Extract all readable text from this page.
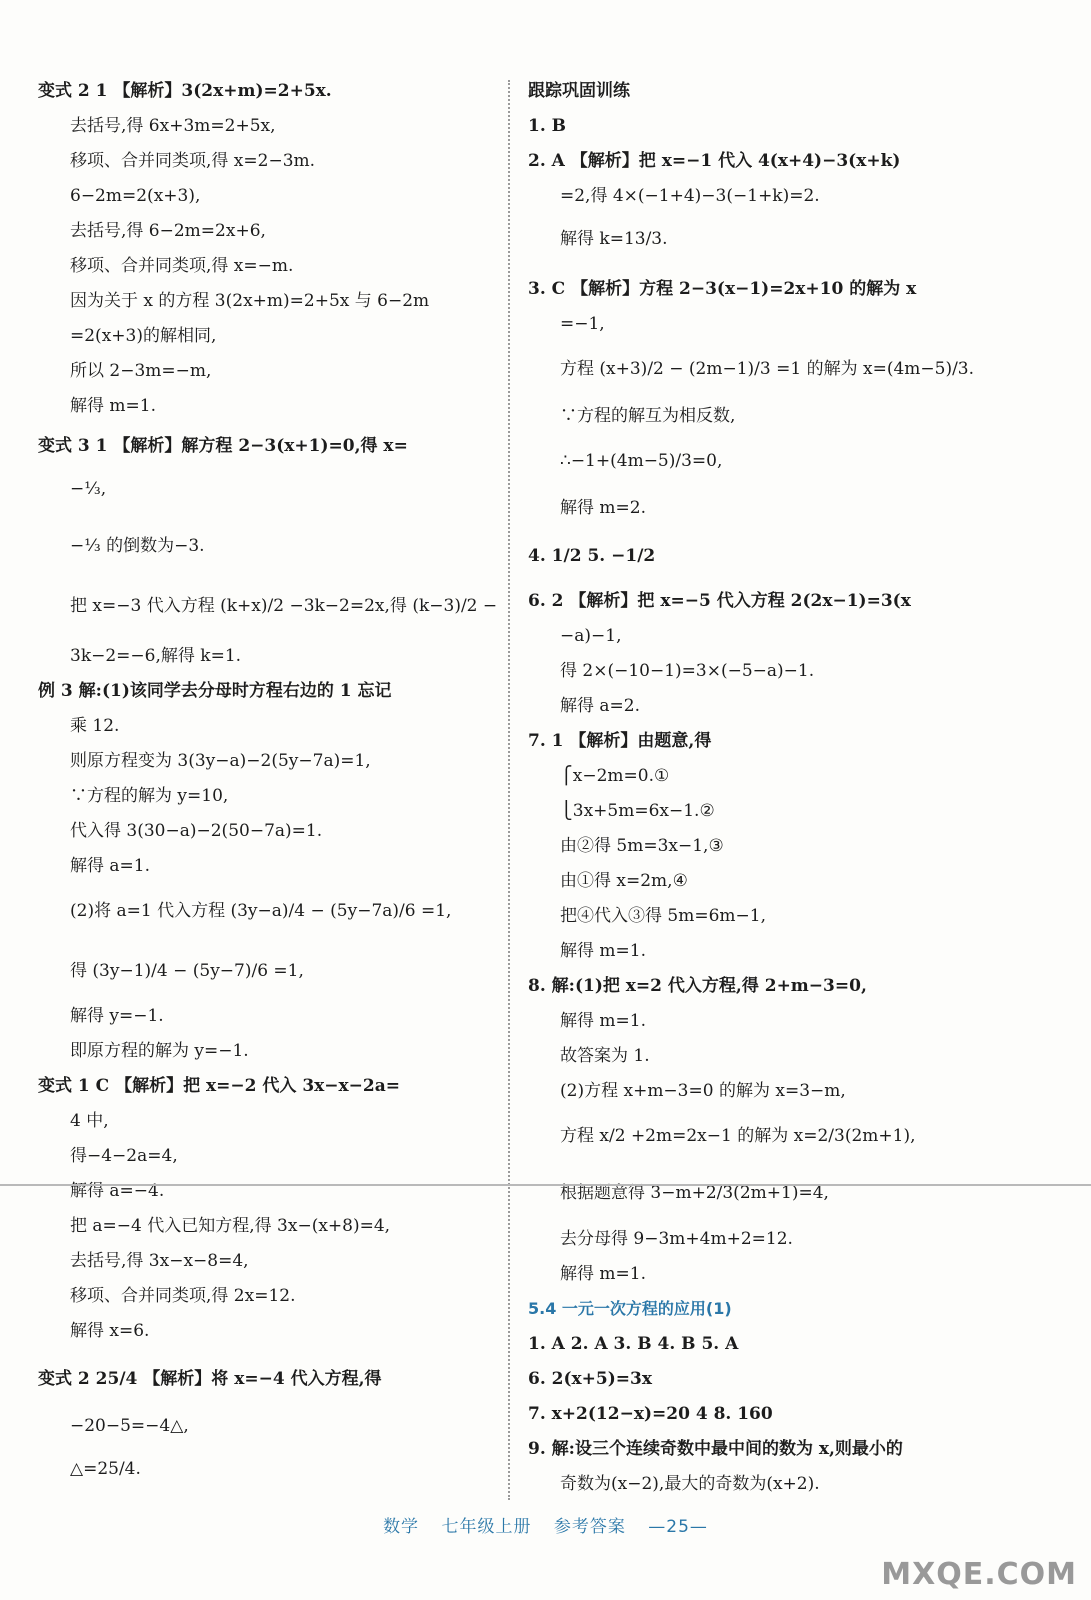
变式 2 1 【解析】3(2x+m)=2+5x.
去括号,得 6x+3m=2+5x,
移项、合并同类项,得 x=2−3m.
6−2m=2(x+3),
去括号,得 6−2m=2x+6,
移项、合并同类项,得 x=−m.
因为关于 x 的方程 3(2x+m)=2+5x 与 6−2m
=2(x+3)的解相同,
所以 2−3m=−m,
解得 m=1.
变式 3 1 【解析】解方程 2−3(x+1)=0,得 x=
−⅓,
−⅓ 的倒数为−3.
把 x=−3 代入方程 (k+x)/2 −3k−2=2x,得 (k−3)/2 −
3k−2=−6,解得 k=1.
例 3 解:(1)该同学去分母时方程右边的 1 忘记
乘 12.
则原方程变为 3(3y−a)−2(5y−7a)=1,
∵方程的解为 y=10,
代入得 3(30−a)−2(50−7a)=1.
解得 a=1.
(2)将 a=1 代入方程 (3y−a)/4 − (5y−7a)/6 =1,
得 (3y−1)/4 − (5y−7)/6 =1,
解得 y=−1.
即原方程的解为 y=−1.
变式 1 C 【解析】把 x=−2 代入 3x−x−2a=
4 中,
得−4−2a=4,
解得 a=−4.
把 a=−4 代入已知方程,得 3x−(x+8)=4,
去括号,得 3x−x−8=4,
移项、合并同类项,得 2x=12.
解得 x=6.
变式 2 25/4 【解析】将 x=−4 代入方程,得
−20−5=−4△,
△=25/4.
跟踪巩固训练
1. B
2. A 【解析】把 x=−1 代入 4(x+4)−3(x+k)
=2,得 4×(−1+4)−3(−1+k)=2.
解得 k=13/3.
3. C 【解析】方程 2−3(x−1)=2x+10 的解为 x
=−1,
方程 (x+3)/2 − (2m−1)/3 =1 的解为 x=(4m−5)/3.
∵方程的解互为相反数,
∴−1+(4m−5)/3=0,
解得 m=2.
4. 1/2 5. −1/2
6. 2 【解析】把 x=−5 代入方程 2(2x−1)=3(x
−a)−1,
得 2×(−10−1)=3×(−5−a)−1.
解得 a=2.
7. 1 【解析】由题意,得
⎧x−2m=0.①
⎩3x+5m=6x−1.②
由②得 5m=3x−1,③
由①得 x=2m,④
把④代入③得 5m=6m−1,
解得 m=1.
8. 解:(1)把 x=2 代入方程,得 2+m−3=0,
解得 m=1.
故答案为 1.
(2)方程 x+m−3=0 的解为 x=3−m,
方程 x/2 +2m=2x−1 的解为 x=2/3(2m+1),
根据题意得 3−m+2/3(2m+1)=4,
去分母得 9−3m+4m+2=12.
解得 m=1.
5.4 一元一次方程的应用(1)
1. A 2. A 3. B 4. B 5. A
6. 2(x+5)=3x
7. x+2(12−x)=20 4 8. 160
9. 解:设三个连续奇数中最中间的数为 x,则最小的
奇数为(x−2),最大的奇数为(x+2).
数学 七年级上册 参考答案 —25—
MXQE.COM
